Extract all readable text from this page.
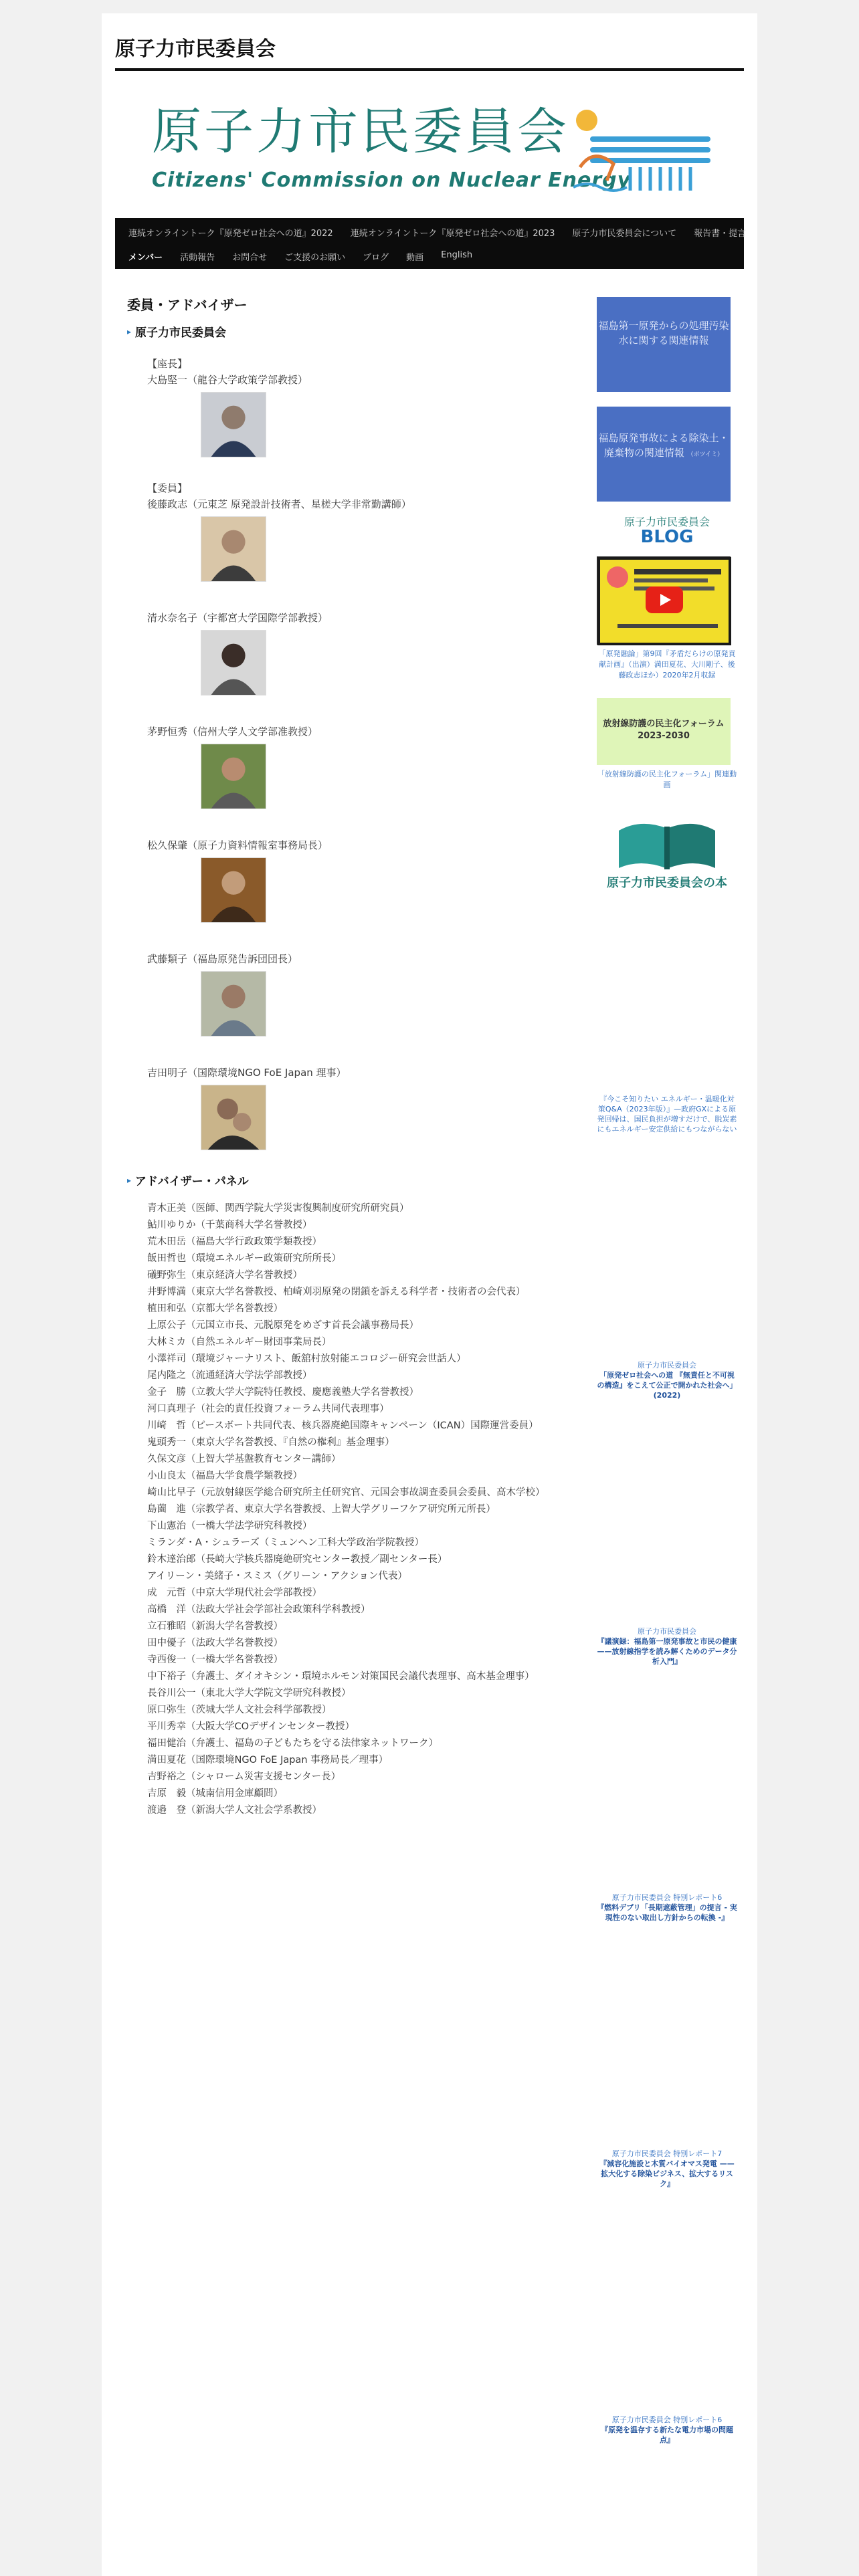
原子力市民委員会
原子力市民委員会
Citizens' Commission on Nuclear Energy
連続オンライントーク『原発ゼロ社会への道』2022 連続オンライントーク『原発ゼロ社会への道』2023 原子力市民委員会について 報告書・提言
メンバー 活動報告 お問合せ ご支援のお願い ブログ 動画 English
委員・アドバイザー
▸ 原子力市民委員会
【座長】
大島堅一（龍谷大学政策学部教授）
【委員】
後藤政志（元東芝 原発設計技術者、星槎大学非常勤講師）
清水奈名子（宇都宮大学国際学部教授）
茅野恒秀（信州大学人文学部准教授）
松久保肇（原子力資料情報室事務局長）
武藤類子（福島原発告訴団団長）
吉田明子（国際環境NGO FoE Japan 理事）
▸ アドバイザー・パネル
青木正美（医師、関西学院大学災害復興制度研究所研究員）
鮎川ゆりか（千葉商科大学名誉教授）
荒木田岳（福島大学行政政策学類教授）
飯田哲也（環境エネルギー政策研究所所長）
礒野弥生（東京経済大学名誉教授）
井野博満（東京大学名誉教授、柏崎刈羽原発の閉鎖を訴える科学者・技術者の会代表）
植田和弘（京都大学名誉教授）
上原公子（元国立市長、元脱原発をめざす首長会議事務局長）
大林ミカ（自然エネルギー財団事業局長）
小澤祥司（環境ジャーナリスト、飯舘村放射能エコロジー研究会世話人）
尾内隆之（流通経済大学法学部教授）
金子　勝（立教大学大学院特任教授、慶應義塾大学名誉教授）
河口真理子（社会的責任投資フォーラム共同代表理事）
川崎　哲（ピースボート共同代表、核兵器廃絶国際キャンペーン（ICAN）国際運営委員）
鬼頭秀一（東京大学名誉教授、『自然の権利』基金理事）
久保文彦（上智大学基盤教育センター講師）
小山良太（福島大学食農学類教授）
崎山比早子（元放射線医学総合研究所主任研究官、元国会事故調査委員会委員、高木学校）
島薗　進（宗教学者、東京大学名誉教授、上智大学グリーフケア研究所元所長）
下山憲治（一橋大学法学研究科教授）
ミランダ・A・シュラーズ（ミュンヘン工科大学政治学院教授）
鈴木達治郎（長崎大学核兵器廃絶研究センター教授／副センター長）
アイリーン・美緒子・スミス（グリーン・アクション代表）
成　元哲（中京大学現代社会学部教授）
高橋　洋（法政大学社会学部社会政策科学科教授）
立石雅昭（新潟大学名誉教授）
田中優子（法政大学名誉教授）
寺西俊一（一橋大学名誉教授）
中下裕子（弁護士、ダイオキシン・環境ホルモン対策国民会議代表理事、高木基金理事）
長谷川公一（東北大学大学院文学研究科教授）
原口弥生（茨城大学人文社会科学部教授）
平川秀幸（大阪大学COデザインセンター教授）
福田健治（弁護士、福島の子どもたちを守る法律家ネットワーク）
満田夏花（国際環境NGO FoE Japan 事務局長／理事）
吉野裕之（シャローム災害支援センター長）
吉原　毅（城南信用金庫顧問）
渡邉　登（新潟大学人文社会学系教授）
福島第一原発からの処理汚染水に関する関連情報
福島原発事故による除染土・廃棄物の関連情報 （ポツイミ）
原子力市民委員会
BLOG
「原発融論」第9回『矛盾だらけの原発貢献計画』（出演）満田夏花、大川剛子、後藤政志ほか）2020年2月収録
放射線防護の民主化フォーラム 2023-2030
「放射線防護の民主化フォーラム」関連動画
原子力市民委員会の本
『今こそ知りたい エネルギー・温暖化対策Q&A（2023年版）』—政府GXによる原発回帰は、国民負担が増すだけで、脱炭素にもエネルギー安定供給にもつながらない
原子力市民委員会
「原発ゼロ社会への道 『無責任と不可視の構造』をこえて公正で開かれた社会へ」(2022)
原子力市民委員会
『議演録：福島第一原発事故と市民の健康 ——放射線指学を読み解くためのデータ分析入門』
原子力市民委員会 特別レポート6
『燃料デブリ「長期遮蔽管理」の提言 - 実現性のない取出し方針からの転換 -』
原子力市民委員会 特別レポート7
『減容化施設と木質バイオマス発電 ——拡大化する除染ビジネス、拡大するリスク』
原子力市民委員会 特別レポート6
『原発を温存する新たな電力市場の問題点』
